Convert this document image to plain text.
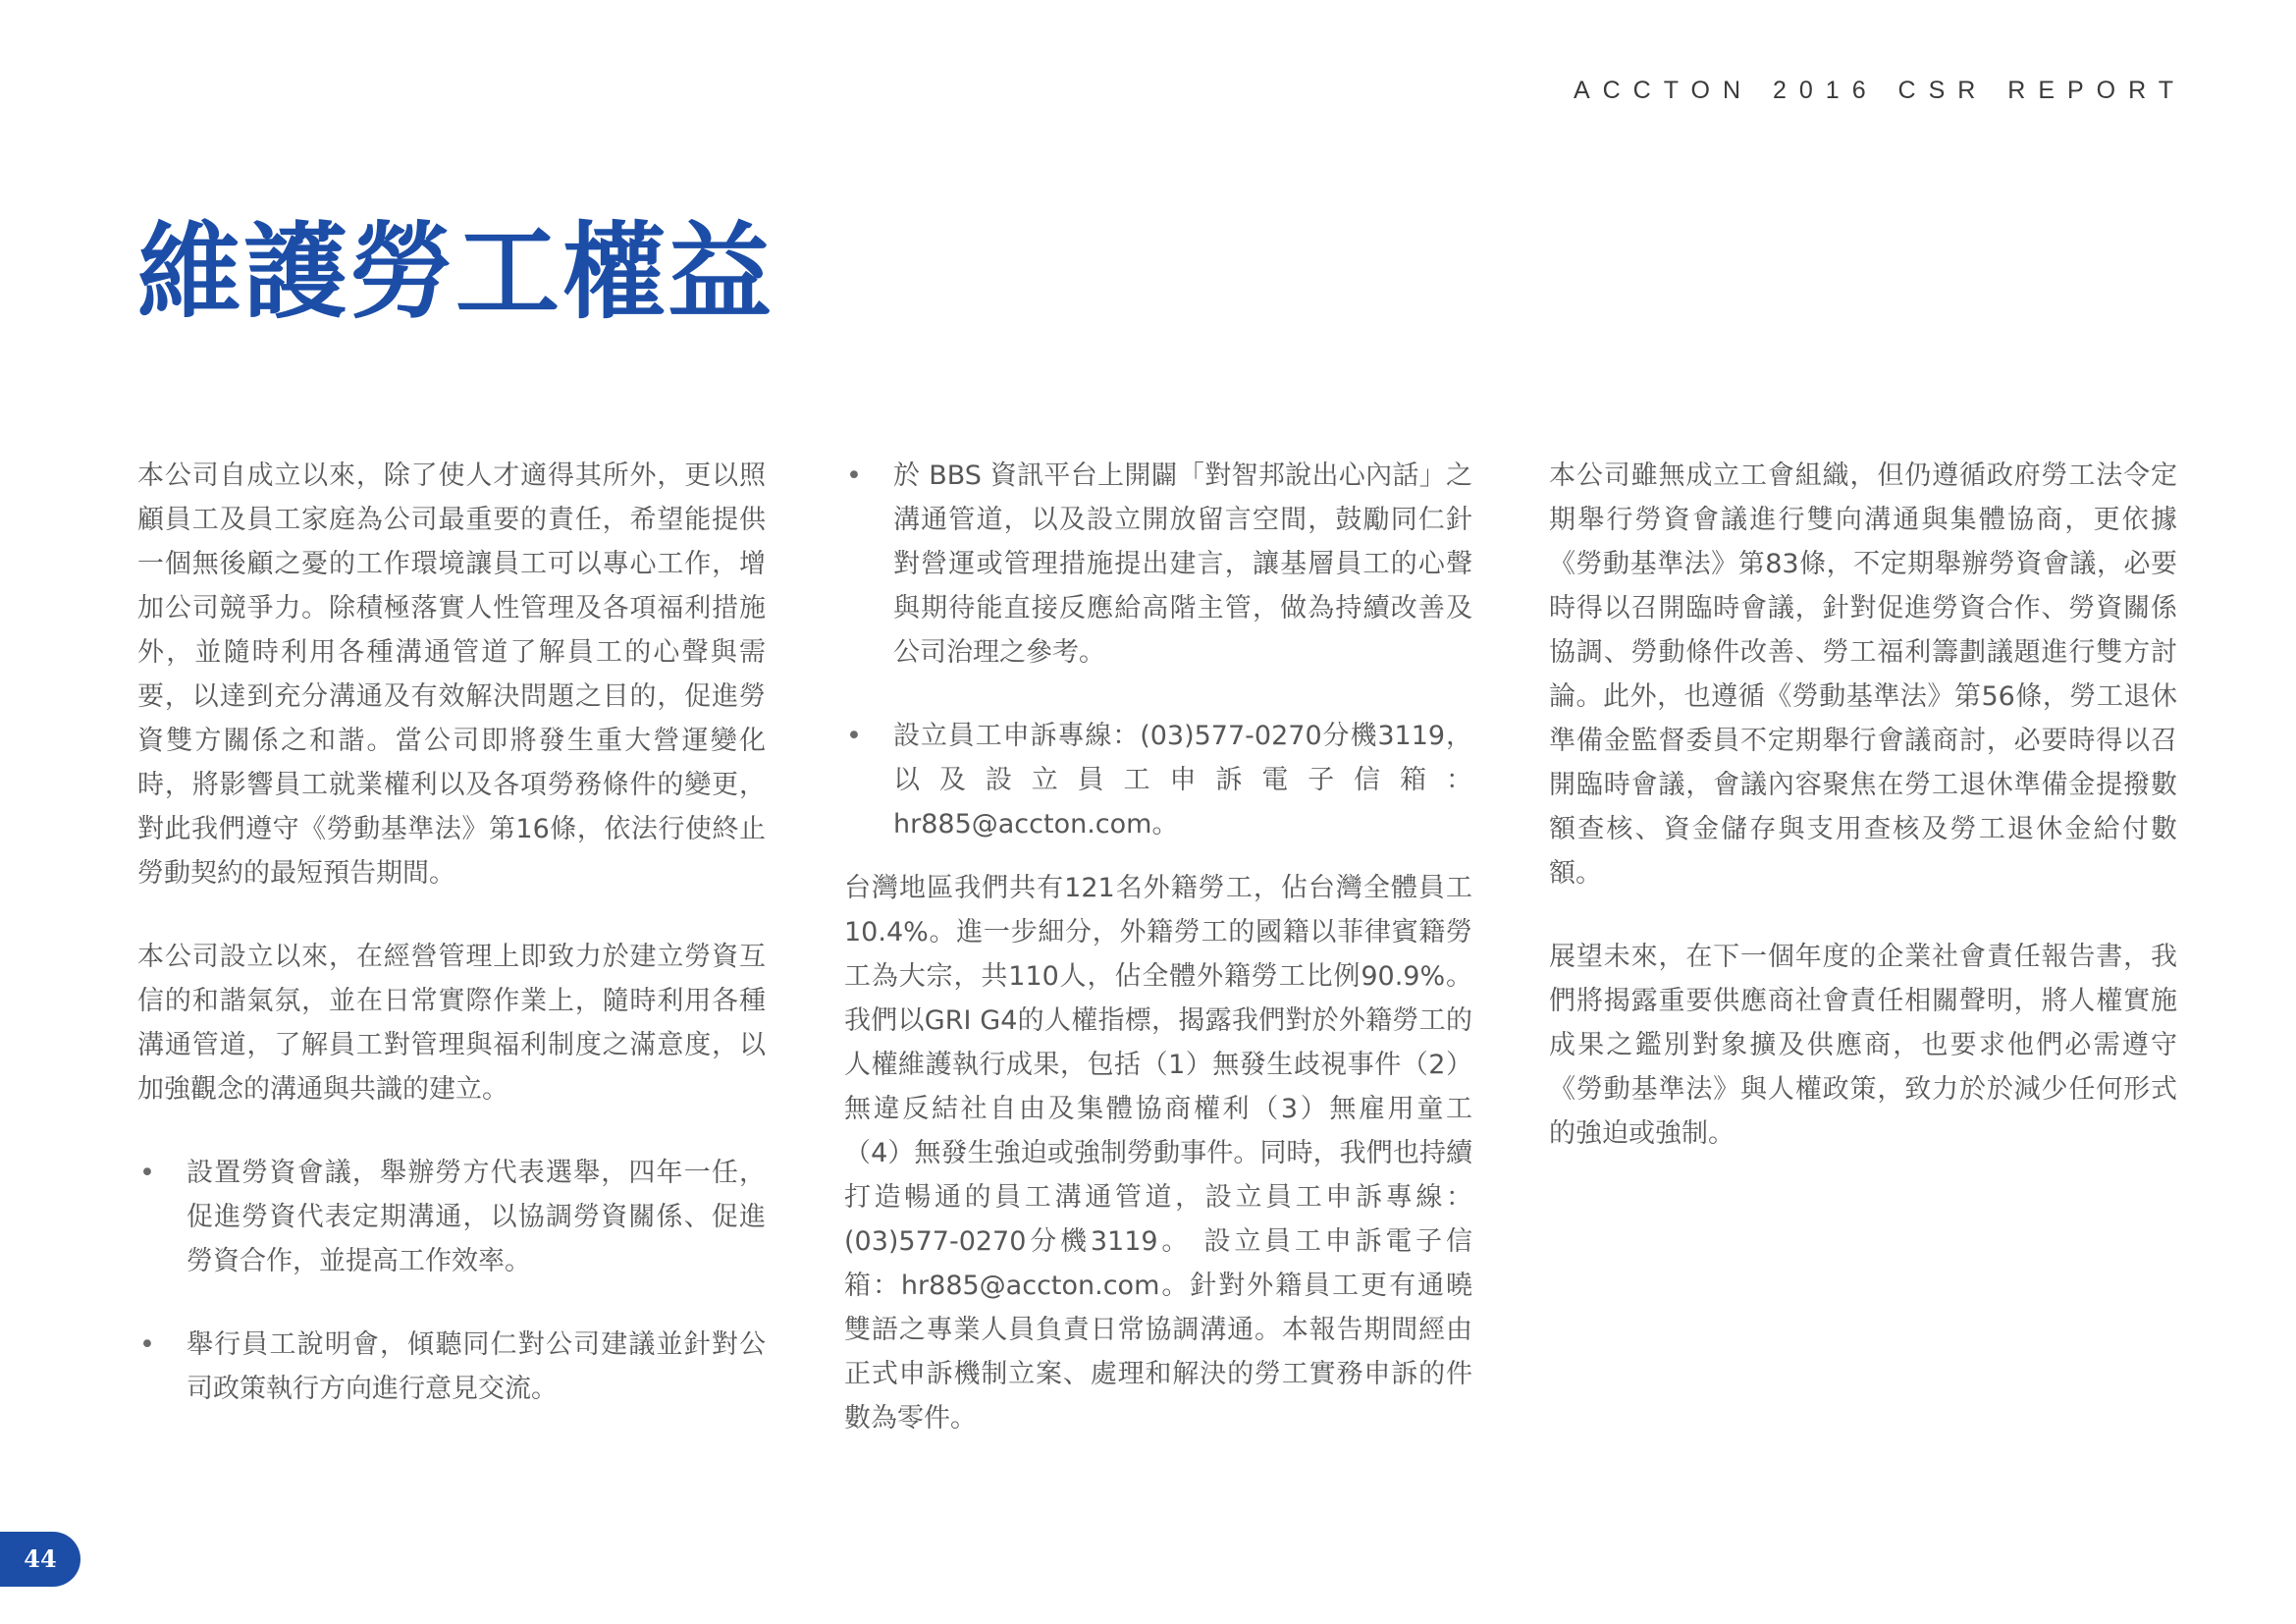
ACCTON 2016 CSR REPORT
維護勞工權益

本公司自成立以來，除了使人才適得其所外，更以照顧員工及員工家庭為公司最重要的責任，希望能提供一個無後顧之憂的工作環境讓員工可以專心工作，增加公司競爭力。除積極落實人性管理及各項福利措施外，並隨時利用各種溝通管道了解員工的心聲與需要，以達到充分溝通及有效解決問題之目的，促進勞資雙方關係之和諧。當公司即將發生重大營運變化時，將影響員工就業權利以及各項勞務條件的變更，對此我們遵守《勞動基準法》第16條，依法行使終止勞動契約的最短預告期間。

本公司設立以來，在經營管理上即致力於建立勞資互信的和諧氣氛，並在日常實際作業上，隨時利用各種溝通管道，了解員工對管理與福利制度之滿意度，以加強觀念的溝通與共識的建立。

• 設置勞資會議，舉辦勞方代表選舉，四年一任，促進勞資代表定期溝通，以協調勞資關係、促進勞資合作，並提高工作效率。
• 舉行員工說明會，傾聽同仁對公司建議並針對公司政策執行方向進行意見交流。
• 於 BBS 資訊平台上開闢「對智邦說出心內話」之溝通管道，以及設立開放留言空間，鼓勵同仁針對營運或管理措施提出建言，讓基層員工的心聲與期待能直接反應給高階主管，做為持續改善及公司治理之參考。
• 設立員工申訴專線：(03)577-0270分機3119，以及設立員工申訴電子信箱：hr885@accton.com。

台灣地區我們共有121名外籍勞工，佔台灣全體員工10.4%。進一步細分，外籍勞工的國籍以菲律賓籍勞工為大宗，共110人，佔全體外籍勞工比例90.9%。我們以GRI G4的人權指標，揭露我們對於外籍勞工的人權維護執行成果，包括（1）無發生歧視事件（2）無違反結社自由及集體協商權利（3）無雇用童工（4）無發生強迫或強制勞動事件。同時，我們也持續打造暢通的員工溝通管道，設立員工申訴專線：(03)577-0270分機3119。 設立員工申訴電子信箱：hr885@accton.com。針對外籍員工更有通曉雙語之專業人員負責日常協調溝通。本報告期間經由正式申訴機制立案、處理和解決的勞工實務申訴的件數為零件。

本公司雖無成立工會組織，但仍遵循政府勞工法令定期舉行勞資會議進行雙向溝通與集體協商，更依據《勞動基準法》第83條，不定期舉辦勞資會議，必要時得以召開臨時會議，針對促進勞資合作、勞資關係協調、勞動條件改善、勞工福利籌劃議題進行雙方討論。此外，也遵循《勞動基準法》第56條，勞工退休準備金監督委員不定期舉行會議商討，必要時得以召開臨時會議，會議內容聚焦在勞工退休準備金提撥數額查核、資金儲存與支用查核及勞工退休金給付數額。

展望未來，在下一個年度的企業社會責任報告書，我們將揭露重要供應商社會責任相關聲明，將人權實施成果之鑑別對象擴及供應商，也要求他們必需遵守《勞動基準法》與人權政策，致力於於減少任何形式的強迫或強制。

44
